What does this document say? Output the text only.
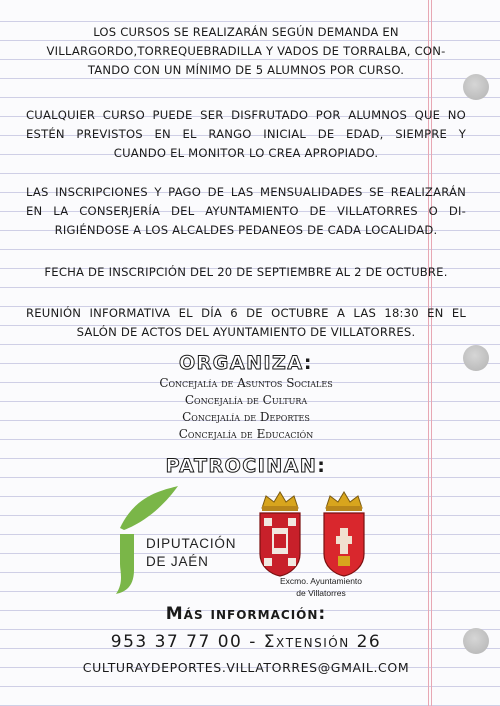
LOS CURSOS SE REALIZARÁN SEGÚN DEMANDA EN
VILLARGORDO,TORREQUEBRADILLA Y VADOS DE TORRALBA, CON-
TANDO CON UN MÍNIMO DE 5 ALUMNOS POR CURSO.
CUALQUIER CURSO PUEDE SER DISFRUTADO POR ALUMNOS QUE NO
ESTÉN PREVISTOS EN EL RANGO INICIAL DE EDAD, SIEMPRE Y
CUANDO EL MONITOR LO CREA APROPIADO.
LAS INSCRIPCIONES Y PAGO DE LAS MENSUALIDADES SE REALIZARÁN
EN LA CONSERJERÍA DEL AYUNTAMIENTO DE VILLATORRES O DI-
RIGIÉNDOSE A LOS ALCALDES PEDANEOS DE CADA LOCALIDAD.
FECHA DE INSCRIPCIÓN DEL 20 DE SEPTIEMBRE AL 2 DE OCTUBRE.
REUNIÓN INFORMATIVA EL DÍA 6 DE OCTUBRE A LAS 18:30 EN EL
SALÓN DE ACTOS DEL AYUNTAMIENTO DE VILLATORRES.
ORGANIZA:
Concejalía de Asuntos Sociales
Concejalía de Cultura
Concejalía de Deportes
Concejalía de Educación
PATROCINAN:
DIPUTACIÓN
DE JAÉN
Excmo. Ayuntamiento
de Villatorres
Más información:
953 37 77 00 - Σxτensión 26
CULTURAYDEPORTES.VILLATORRES@GMAIL.COM
